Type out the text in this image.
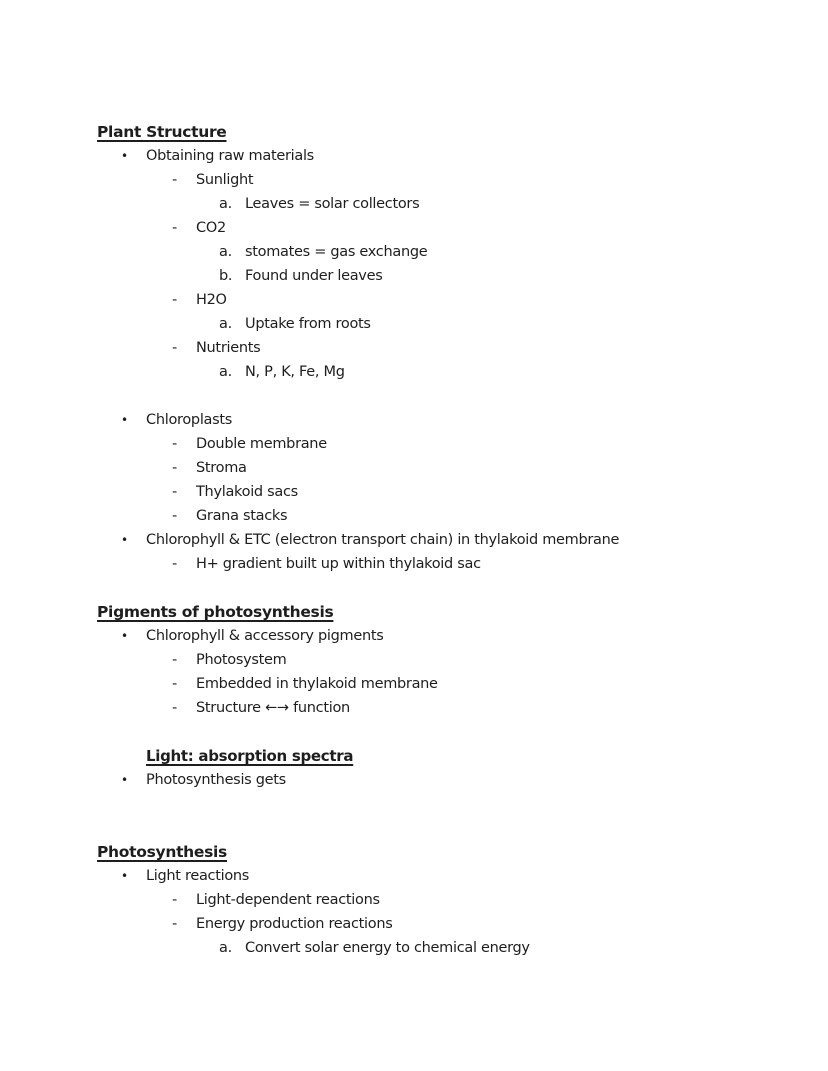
Plant Structure
•	Obtaining raw materials
-	Sunlight
a. Leaves = solar collectors
-	CO2
a. stomates = gas exchange
b. Found under leaves
-	H2O
a. Uptake from roots
-	Nutrients
a. N, P, K, Fe, Mg
•	Chloroplasts
-	Double membrane
-	Stroma
-	Thylakoid sacs
-	Grana stacks
•	Chlorophyll & ETC (electron transport chain) in thylakoid membrane
-	H+ gradient built up within thylakoid sac
Pigments of photosynthesis
•	Chlorophyll & accessory pigments
-	Photosystem
-	Embedded in thylakoid membrane
-	Structure ←→ function
Light: absorption spectra
•	Photosynthesis gets
Photosynthesis
•	Light reactions
-	Light-dependent reactions
-	Energy production reactions
a. Convert solar energy to chemical energy
